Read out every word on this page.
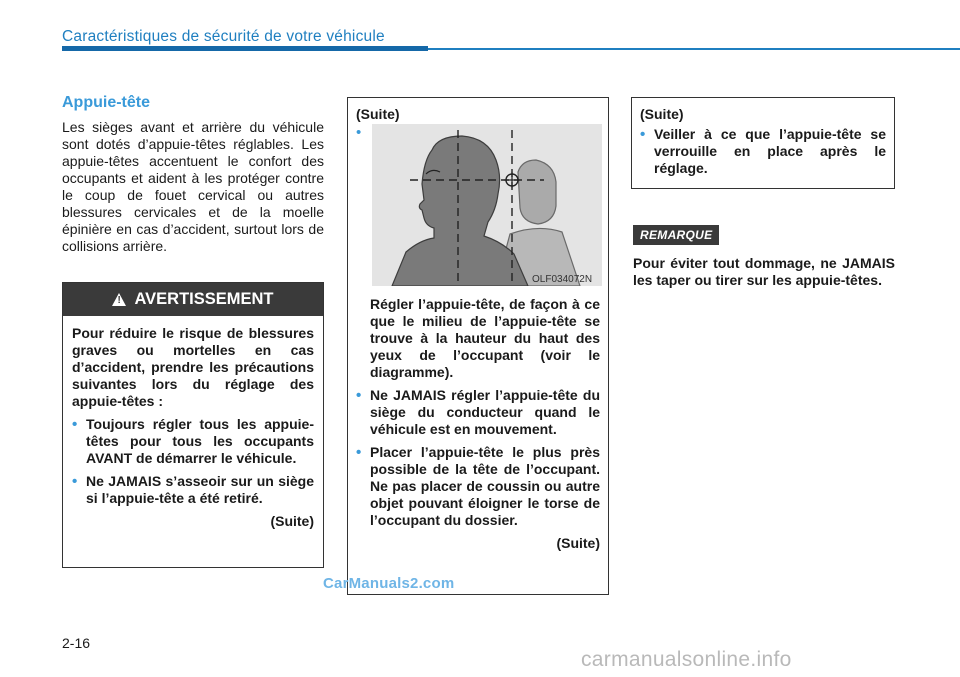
Caractéristiques de sécurité de votre véhicule
Appuie-tête

Les sièges avant et arrière du véhicule sont dotés d’appuie-têtes réglables. Les appuie-têtes accentuent le confort des occupants et aident à les protéger contre le coup de fouet cervical ou autres blessures cervicales et de la moelle épinière en cas d’accident, surtout lors de collisions arrière.

! AVERTISSEMENT

Pour réduire le risque de blessures graves ou mortelles en cas d’accident, prendre les précautions suivantes lors du réglage des appuie-têtes :

• Toujours régler tous les appuie-têtes pour tous les occupants AVANT de démarrer le véhicule.
• Ne JAMAIS s’asseoir sur un siège si l’appuie-tête a été retiré.
(Suite)
(Suite)
•
OLF034072N

Régler l’appuie-tête, de façon à ce que le milieu de l’appuie-tête se trouve à la hauteur du haut des yeux de l’occupant (voir le diagramme).

• Ne JAMAIS régler l’appuie-tête du siège du conducteur quand le véhicule est en mouvement.
• Placer l’appuie-tête le plus près possible de la tête de l’occupant. Ne pas placer de coussin ou autre objet pouvant éloigner le torse de l’occupant du dossier.
(Suite)
(Suite)
• Veiller à ce que l’appuie-tête se verrouille en place après le réglage.
REMARQUE

Pour éviter tout dommage, ne JAMAIS les taper ou tirer sur les appuie-têtes.

2-16
CarManuals2.com
carmanualsonline.info
